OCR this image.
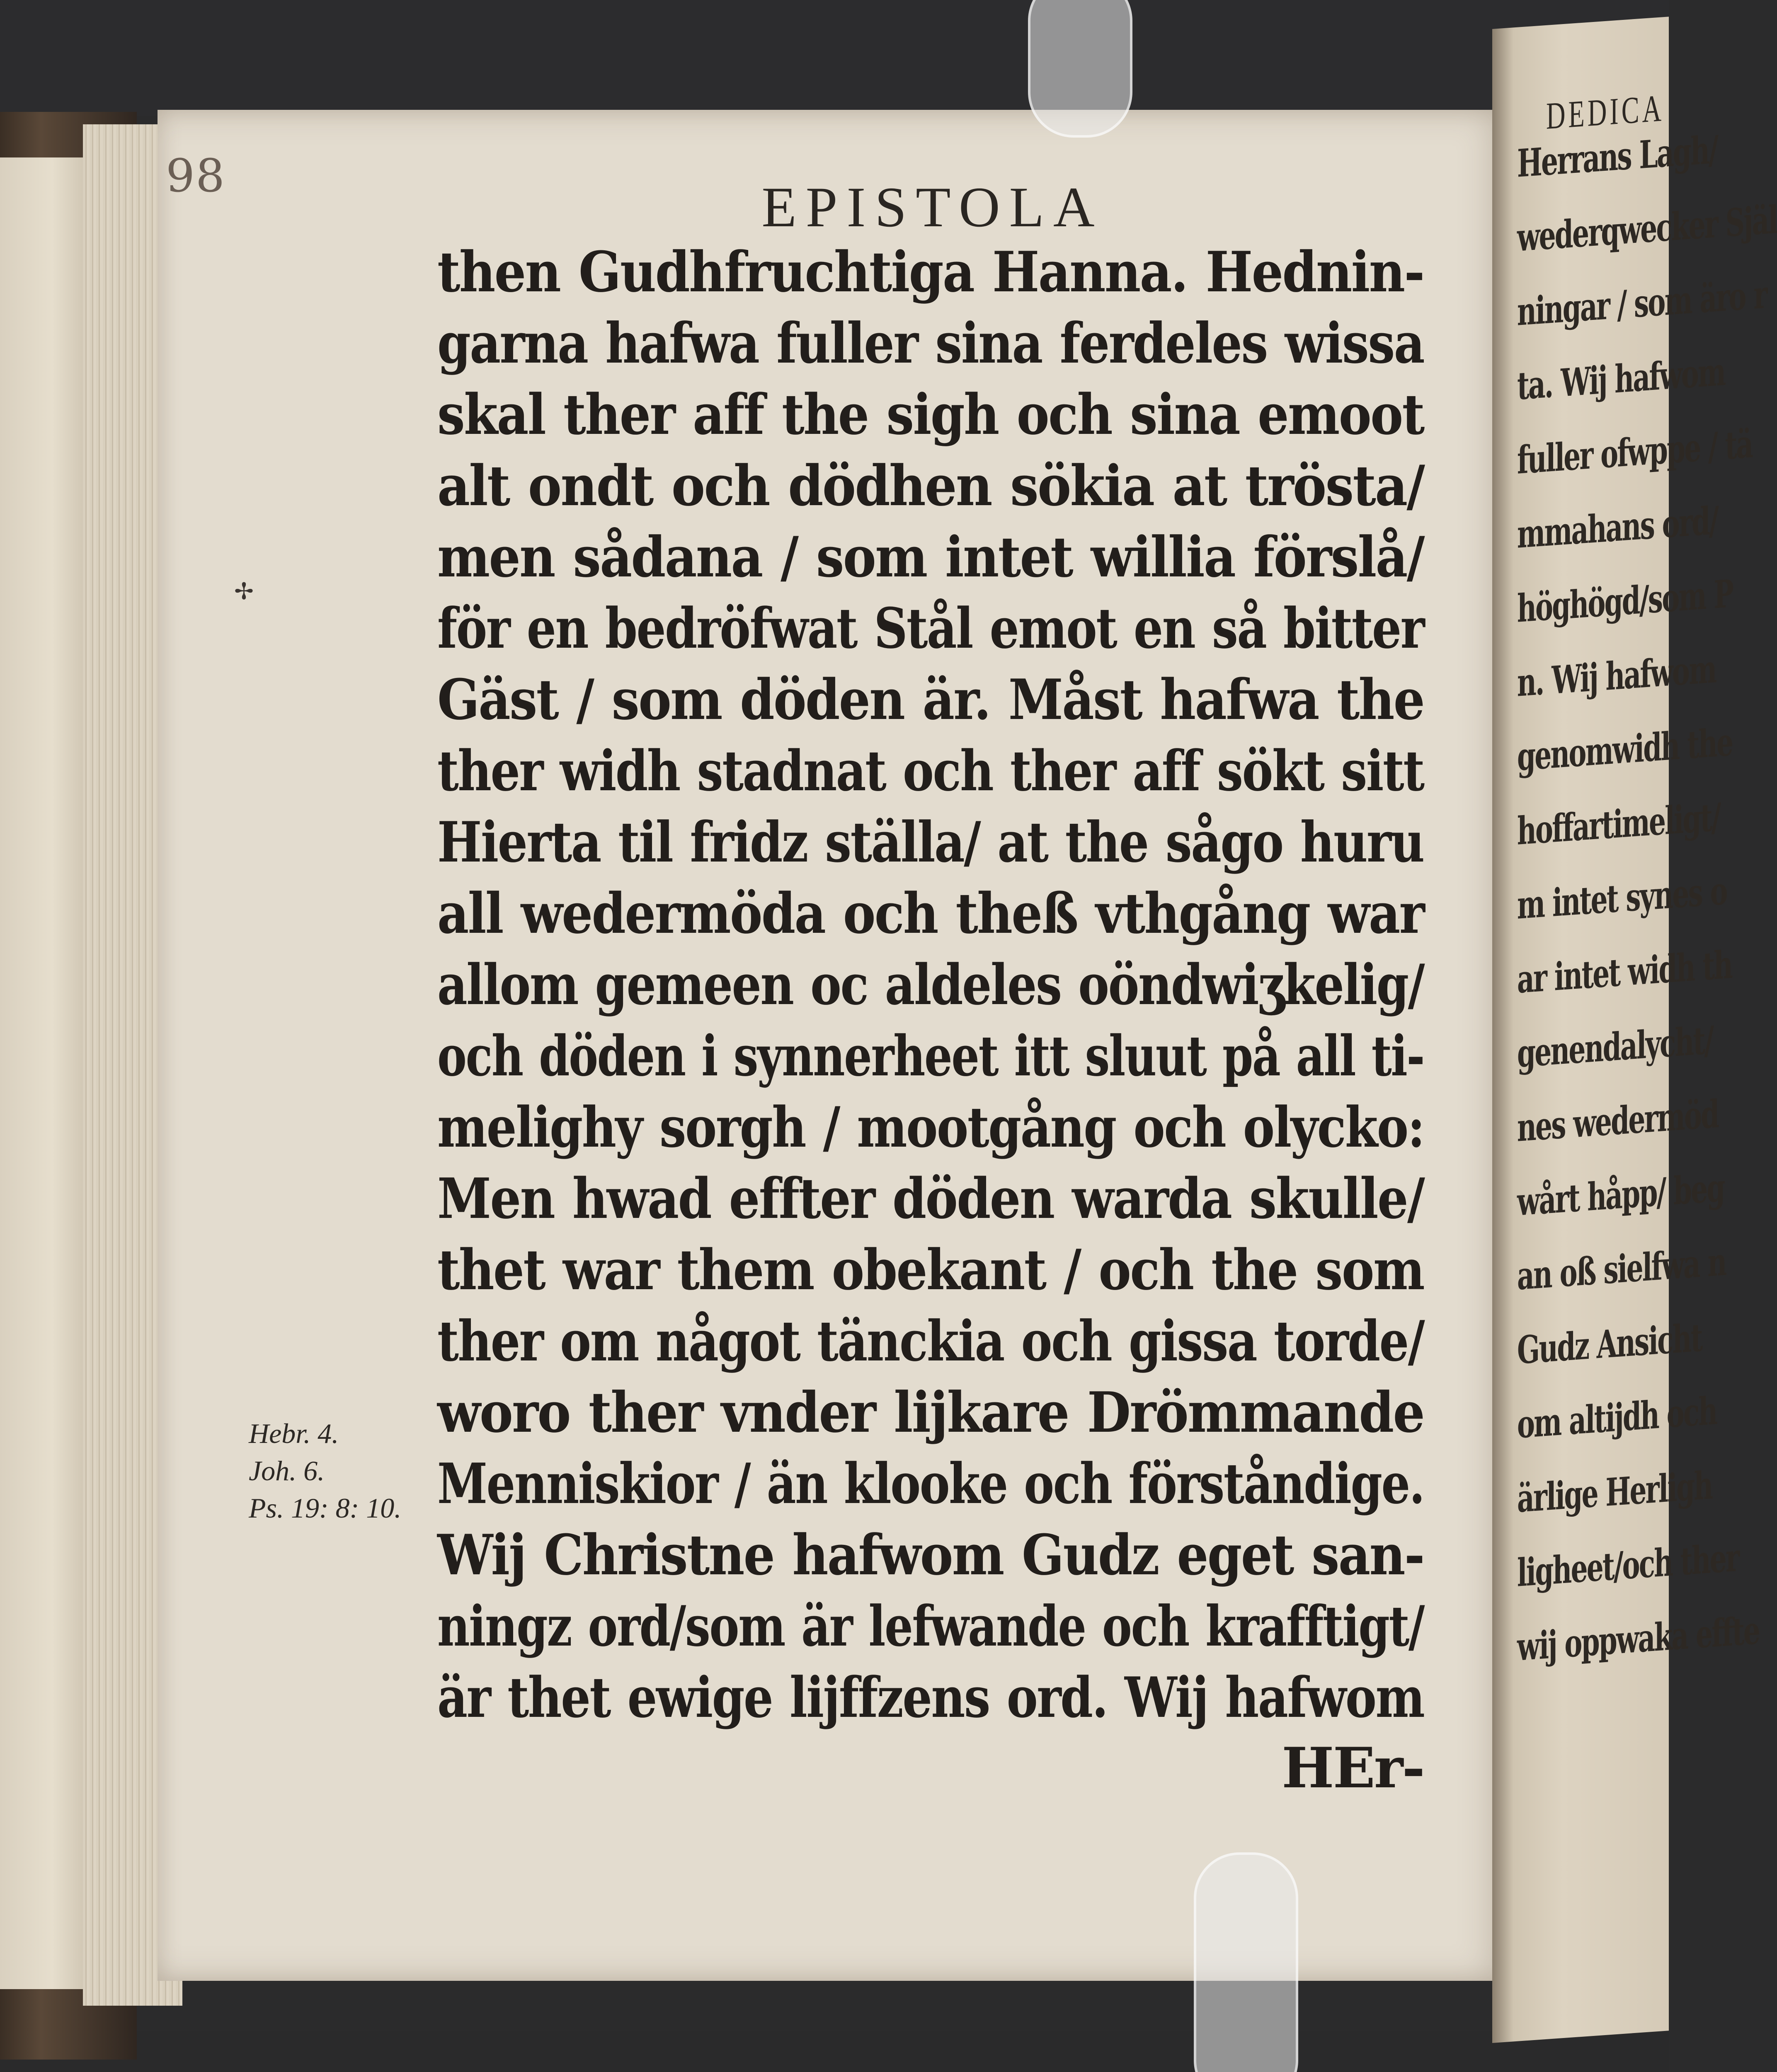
DEDICA
Herrans Lagh/
wederqwecker Själ
ningar / som äro r
ta. Wij hafwom
fuller ofwppe / tä
mmahans ord/
höghögd/som P
n. Wij hafwom
genomwidh the
hoffartimeligt/
m intet synes o
ar intet widh th
genendalycht/
nes wedermöd
wårt håpp/ beg
an oß sielfwa n
Gudz Ansicht
om altijdh och
ärlige Herligh
ligheet/och ther
wij oppwaka effte
98	EPISTOLA
then Gudhfruchtiga Hanna. Hednin-
garna hafwa fuller sina ferdeles wissa
skal ther aff the sigh och sina emoot
alt ondt och dödhen sökia at trösta/
men sådana / som intet willia förslå/
för en bedröfwat Stål emot en så bitter
Gäst / som döden är. Måst hafwa the
ther widh stadnat och ther aff sökt sitt
Hierta til fridz ställa/ at the sågo huru
all wedermöda och theß vthgång war
allom gemeen oc aldeles oöndwiʒkelig/
och döden i synnerheet itt sluut på all ti-
melighy sorgh / mootgång och olycko:
Men hwad effter döden warda skulle/
thet war them obekant / och the som
ther om något tänckia och gissa torde/
woro ther vnder lijkare Drömmande
Menniskior / än klooke och förståndige.
Wij Christne hafwom Gudz eget san-
ningz ord/som är lefwande och krafftigt/
är thet ewige lijffzens ord. Wij hafwom
HEr-
✢
Hebr. 4.
Joh. 6.
Ps. 19: 8: 10.
